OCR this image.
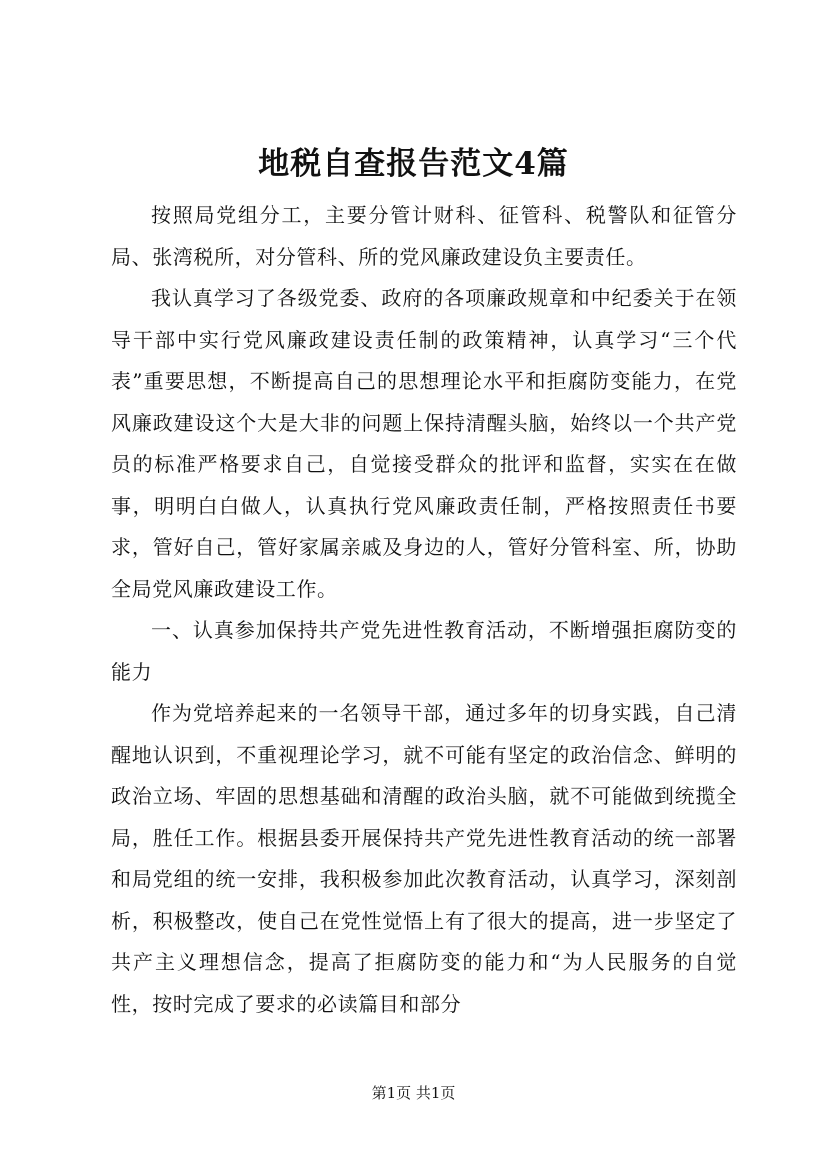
地税自查报告范文4篇

按照局党组分工，主要分管计财科、征管科、税警队和征管分局、张湾税所，对分管科、所的党风廉政建设负主要责任。

我认真学习了各级党委、政府的各项廉政规章和中纪委关于在领导干部中实行党风廉政建设责任制的政策精神，认真学习“三个代表”重要思想，不断提高自己的思想理论水平和拒腐防变能力，在党风廉政建设这个大是大非的问题上保持清醒头脑，始终以一个共产党员的标准严格要求自己，自觉接受群众的批评和监督，实实在在做事，明明白白做人，认真执行党风廉政责任制，严格按照责任书要求，管好自己，管好家属亲戚及身边的人，管好分管科室、所，协助全局党风廉政建设工作。

一、认真参加保持共产党先进性教育活动，不断增强拒腐防变的能力

作为党培养起来的一名领导干部，通过多年的切身实践，自己清醒地认识到，不重视理论学习，就不可能有坚定的政治信念、鲜明的政治立场、牢固的思想基础和清醒的政治头脑，就不可能做到统揽全局，胜任工作。根据县委开展保持共产党先进性教育活动的统一部署和局党组的统一安排，我积极参加此次教育活动，认真学习，深刻剖析，积极整改，使自己在党性觉悟上有了很大的提高，进一步坚定了共产主义理想信念，提高了拒腐防变的能力和“为人民服务的自觉性，按时完成了要求的必读篇目和部分

第1页 共1页
